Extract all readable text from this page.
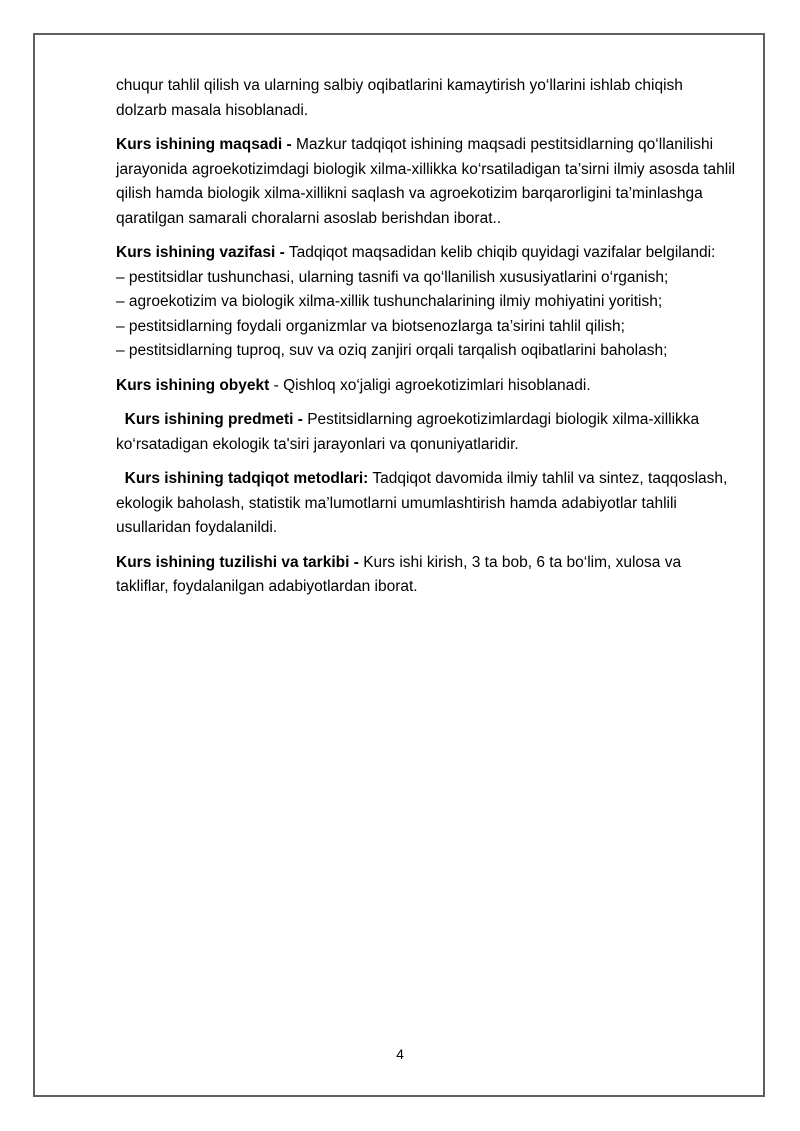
chuqur tahlil qilish va ularning salbiy oqibatlarini kamaytirish yo‘llarini ishlab chiqish dolzarb masala hisoblanadi.

Kurs ishining maqsadi - Mazkur tadqiqot ishining maqsadi pestitsidlarning qo‘llanilishi jarayonida agroekotizimdagi biologik xilma-xillikka ko‘rsatiladigan ta’sirni ilmiy asosda tahlil qilish hamda biologik xilma-xillikni saqlash va agroekotizim barqarorligini ta’minlashga qaratilgan samarali choralarni asoslab berishdan iborat..

Kurs ishining vazifasi - Tadqiqot maqsadidan kelib chiqib quyidagi vazifalar belgilandi:
– pestitsidlar tushunchasi, ularning tasnifi va qo‘llanilish xususiyatlarini o‘rganish;
– agroekotizim va biologik xilma-xillik tushunchalarining ilmiy mohiyatini yoritish;
– pestitsidlarning foydali organizmlar va biotsenozlarga ta’sirini tahlil qilish;
– pestitsidlarning tuproq, suv va oziq zanjiri orqali tarqalish oqibatlarini baholash;

Kurs ishining obyekt - Qishloq xo‘jaligi agroekotizimlari hisoblanadi.

Kurs ishining predmeti - Pestitsidlarning agroekotizimlardagi biologik xilma-xillikka ko‘rsatadigan ekologik ta'siri jarayonlari va qonuniyatlaridir.

Kurs ishining tadqiqot metodlari: Tadqiqot davomida ilmiy tahlil va sintez, taqqoslash, ekologik baholash, statistik ma’lumotlarni umumlashtirish hamda adabiyotlar tahlili usullaridan foydalanildi.

Kurs ishining tuzilishi va tarkibi - Kurs ishi kirish, 3 ta bob, 6 ta bo‘lim, xulosa va takliflar, foydalanilgan adabiyotlardan iborat.

4
